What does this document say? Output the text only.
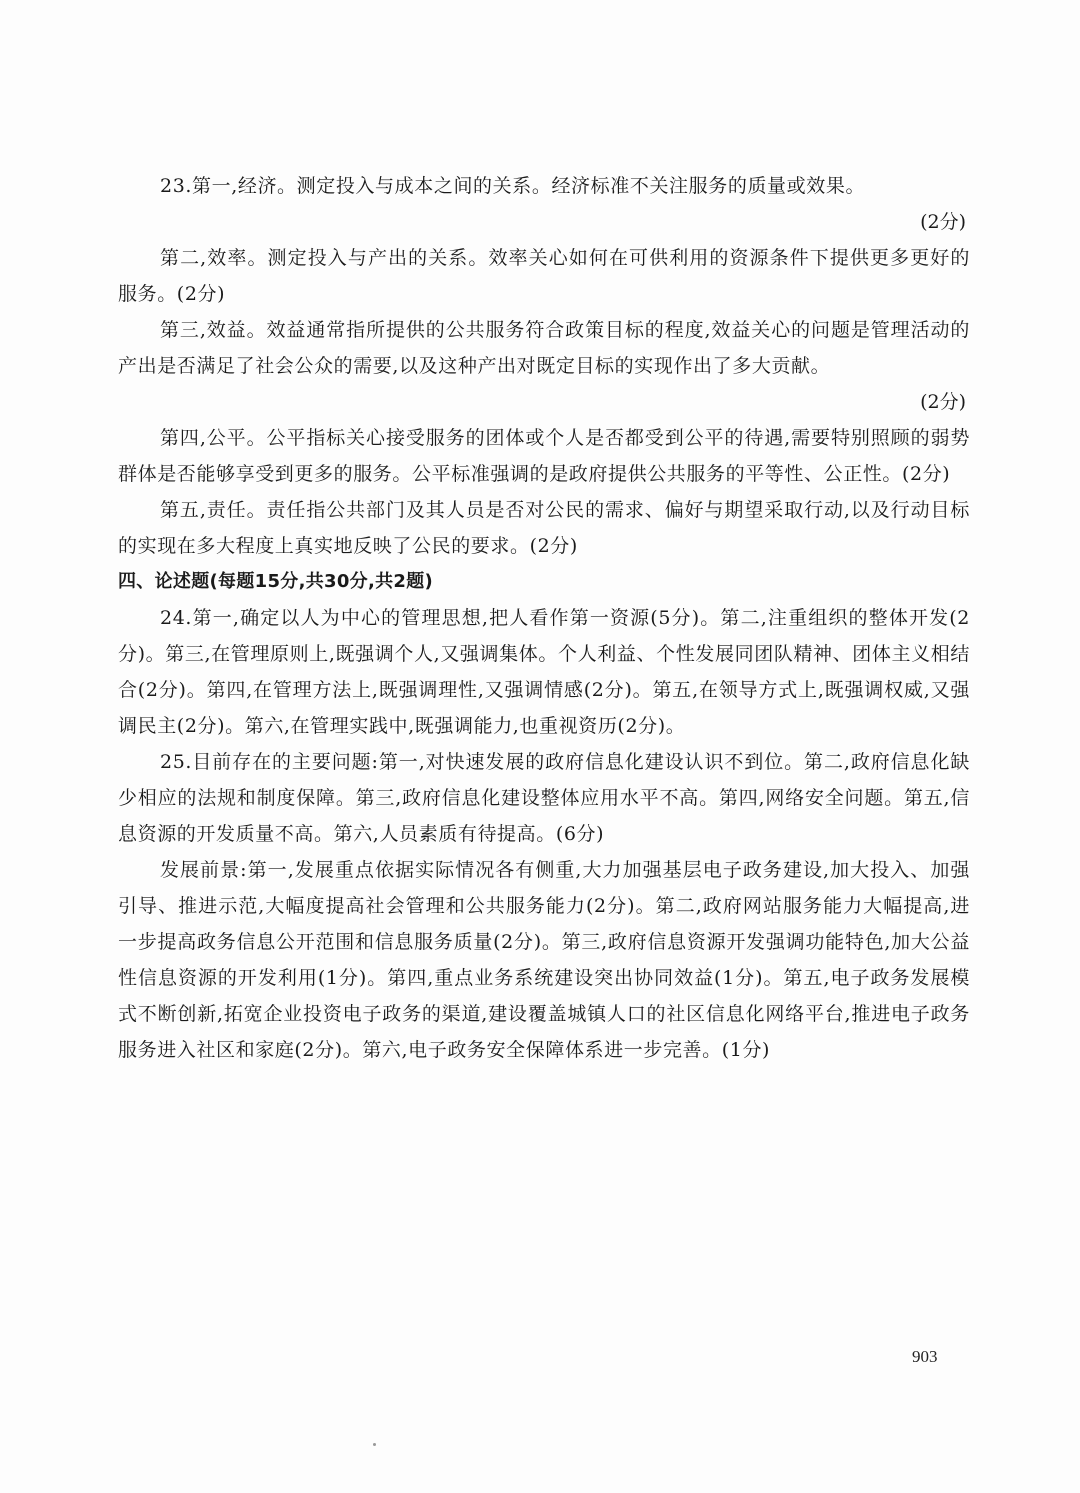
23.第一,经济。测定投入与成本之间的关系。经济标准不关注服务的质量或效果。

(2分)

第二,效率。测定投入与产出的关系。效率关心如何在可供利用的资源条件下提供更多更好的服务。(2分)

第三,效益。效益通常指所提供的公共服务符合政策目标的程度,效益关心的问题是管理活动的产出是否满足了社会公众的需要,以及这种产出对既定目标的实现作出了多大贡献。

(2分)

第四,公平。公平指标关心接受服务的团体或个人是否都受到公平的待遇,需要特别照顾的弱势群体是否能够享受到更多的服务。公平标准强调的是政府提供公共服务的平等性、公正性。(2分)

第五,责任。责任指公共部门及其人员是否对公民的需求、偏好与期望采取行动,以及行动目标的实现在多大程度上真实地反映了公民的要求。(2分)

四、论述题(每题15分,共30分,共2题)

24.第一,确定以人为中心的管理思想,把人看作第一资源(5分)。第二,注重组织的整体开发(2分)。第三,在管理原则上,既强调个人,又强调集体。个人利益、个性发展同团队精神、团体主义相结合(2分)。第四,在管理方法上,既强调理性,又强调情感(2分)。第五,在领导方式上,既强调权威,又强调民主(2分)。第六,在管理实践中,既强调能力,也重视资历(2分)。

25.目前存在的主要问题:第一,对快速发展的政府信息化建设认识不到位。第二,政府信息化缺少相应的法规和制度保障。第三,政府信息化建设整体应用水平不高。第四,网络安全问题。第五,信息资源的开发质量不高。第六,人员素质有待提高。(6分)

发展前景:第一,发展重点依据实际情况各有侧重,大力加强基层电子政务建设,加大投入、加强引导、推进示范,大幅度提高社会管理和公共服务能力(2分)。第二,政府网站服务能力大幅提高,进一步提高政务信息公开范围和信息服务质量(2分)。第三,政府信息资源开发强调功能特色,加大公益性信息资源的开发利用(1分)。第四,重点业务系统建设突出协同效益(1分)。第五,电子政务发展模式不断创新,拓宽企业投资电子政务的渠道,建设覆盖城镇人口的社区信息化网络平台,推进电子政务服务进入社区和家庭(2分)。第六,电子政务安全保障体系进一步完善。(1分)

903
